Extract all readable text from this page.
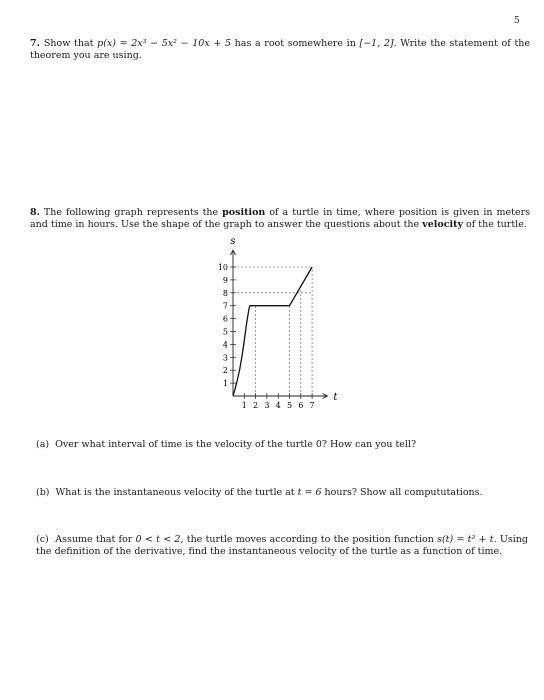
5
7. Show that p(x) = 2x³ − 5x² − 10x + 5 has a root somewhere in [−1, 2]. Write the statement of the theorem you are using.
8. The following graph represents the position of a turtle in time, where position is given in meters and time in hours. Use the shape of the graph to answer the questions about the velocity of the turtle.
s
t
1
2
3
4
5
6
7
8
9
10
1 2 3 4 5 6 7
(a) Over what interval of time is the velocity of the turtle 0? How can you tell?
(b) What is the instantaneous velocity of the turtle at t = 6 hours? Show all compututations.
(c) Assume that for 0 < t < 2, the turtle moves according to the position function s(t) = t² + t. Using the definition of the derivative, find the instantaneous velocity of the turtle as a function of time.
